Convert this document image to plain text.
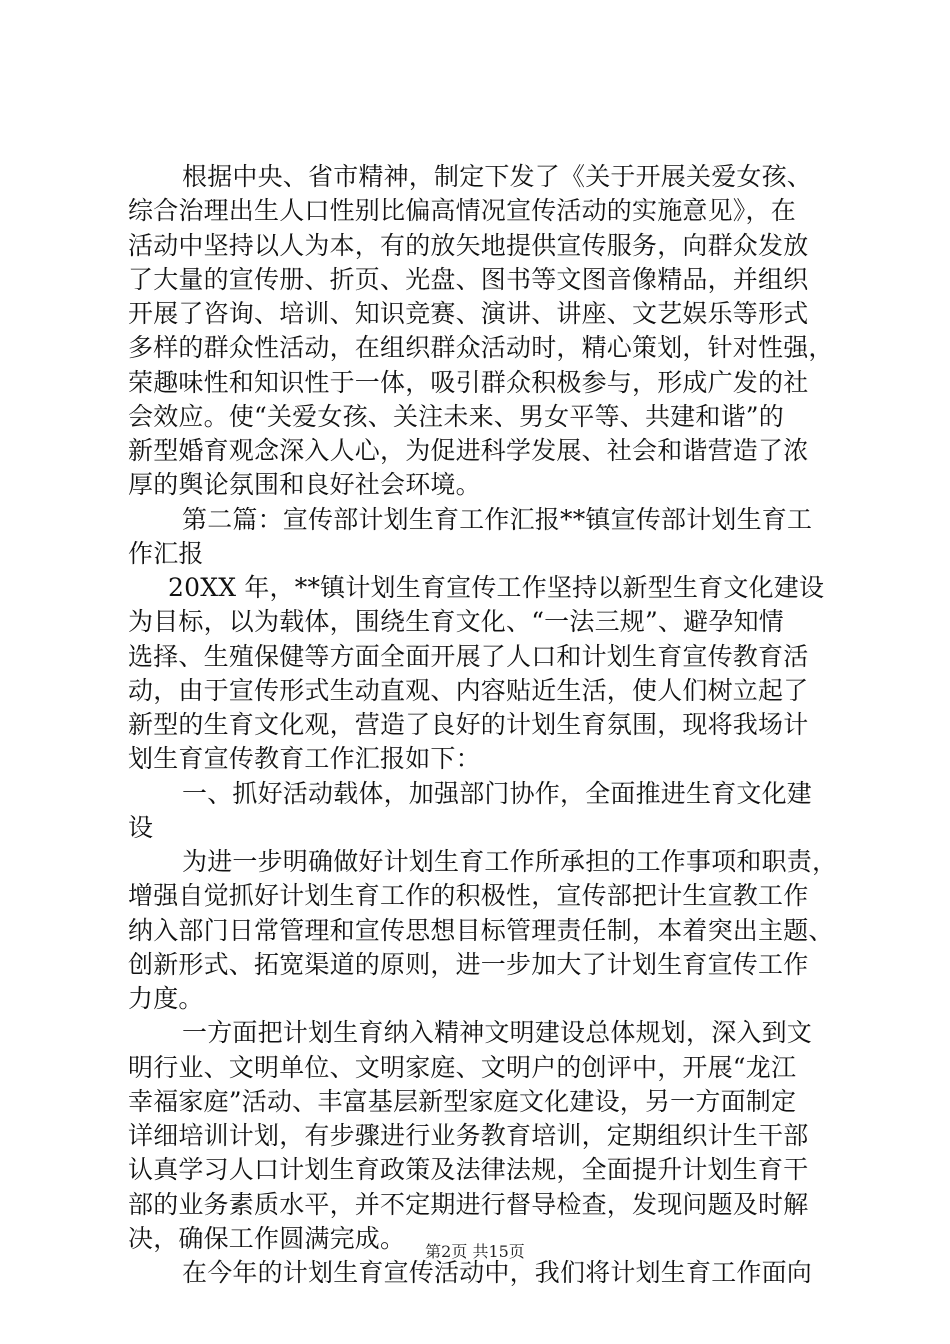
根据中央、省市精神，制定下发了《关于开展关爱女孩、
综合治理出生人口性别比偏高情况宣传活动的实施意见》，在
活动中坚持以人为本，有的放矢地提供宣传服务，向群众发放
了大量的宣传册、折页、光盘、图书等文图音像精品，并组织
开展了咨询、培训、知识竞赛、演讲、讲座、文艺娱乐等形式
多样的群众性活动，在组织群众活动时，精心策划，针对性强，
荣趣味性和知识性于一体，吸引群众积极参与，形成广发的社
会效应。使“关爱女孩、关注未来、男女平等、共建和谐”的
新型婚育观念深入人心，为促进科学发展、社会和谐营造了浓
厚的舆论氛围和良好社会环境。
第二篇：宣传部计划生育工作汇报**镇宣传部计划生育工
作汇报
20XX 年，**镇计划生育宣传工作坚持以新型生育文化建设
为目标，以为载体，围绕生育文化、“一法三规”、避孕知情
选择、生殖保健等方面全面开展了人口和计划生育宣传教育活
动，由于宣传形式生动直观、内容贴近生活，使人们树立起了
新型的生育文化观，营造了良好的计划生育氛围，现将我场计
划生育宣传教育工作汇报如下：
一、抓好活动载体，加强部门协作，全面推进生育文化建
设
为进一步明确做好计划生育工作所承担的工作事项和职责，
增强自觉抓好计划生育工作的积极性，宣传部把计生宣教工作
纳入部门日常管理和宣传思想目标管理责任制，本着突出主题、
创新形式、拓宽渠道的原则，进一步加大了计划生育宣传工作
力度。
一方面把计划生育纳入精神文明建设总体规划，深入到文
明行业、文明单位、文明家庭、文明户的创评中，开展“龙江
幸福家庭”活动、丰富基层新型家庭文化建设，另一方面制定
详细培训计划，有步骤进行业务教育培训，定期组织计生干部
认真学习人口计划生育政策及法律法规，全面提升计划生育干
部的业务素质水平，并不定期进行督导检查，发现问题及时解
决，确保工作圆满完成。
在今年的计划生育宣传活动中，我们将计划生育工作面向
第2页 共15页
